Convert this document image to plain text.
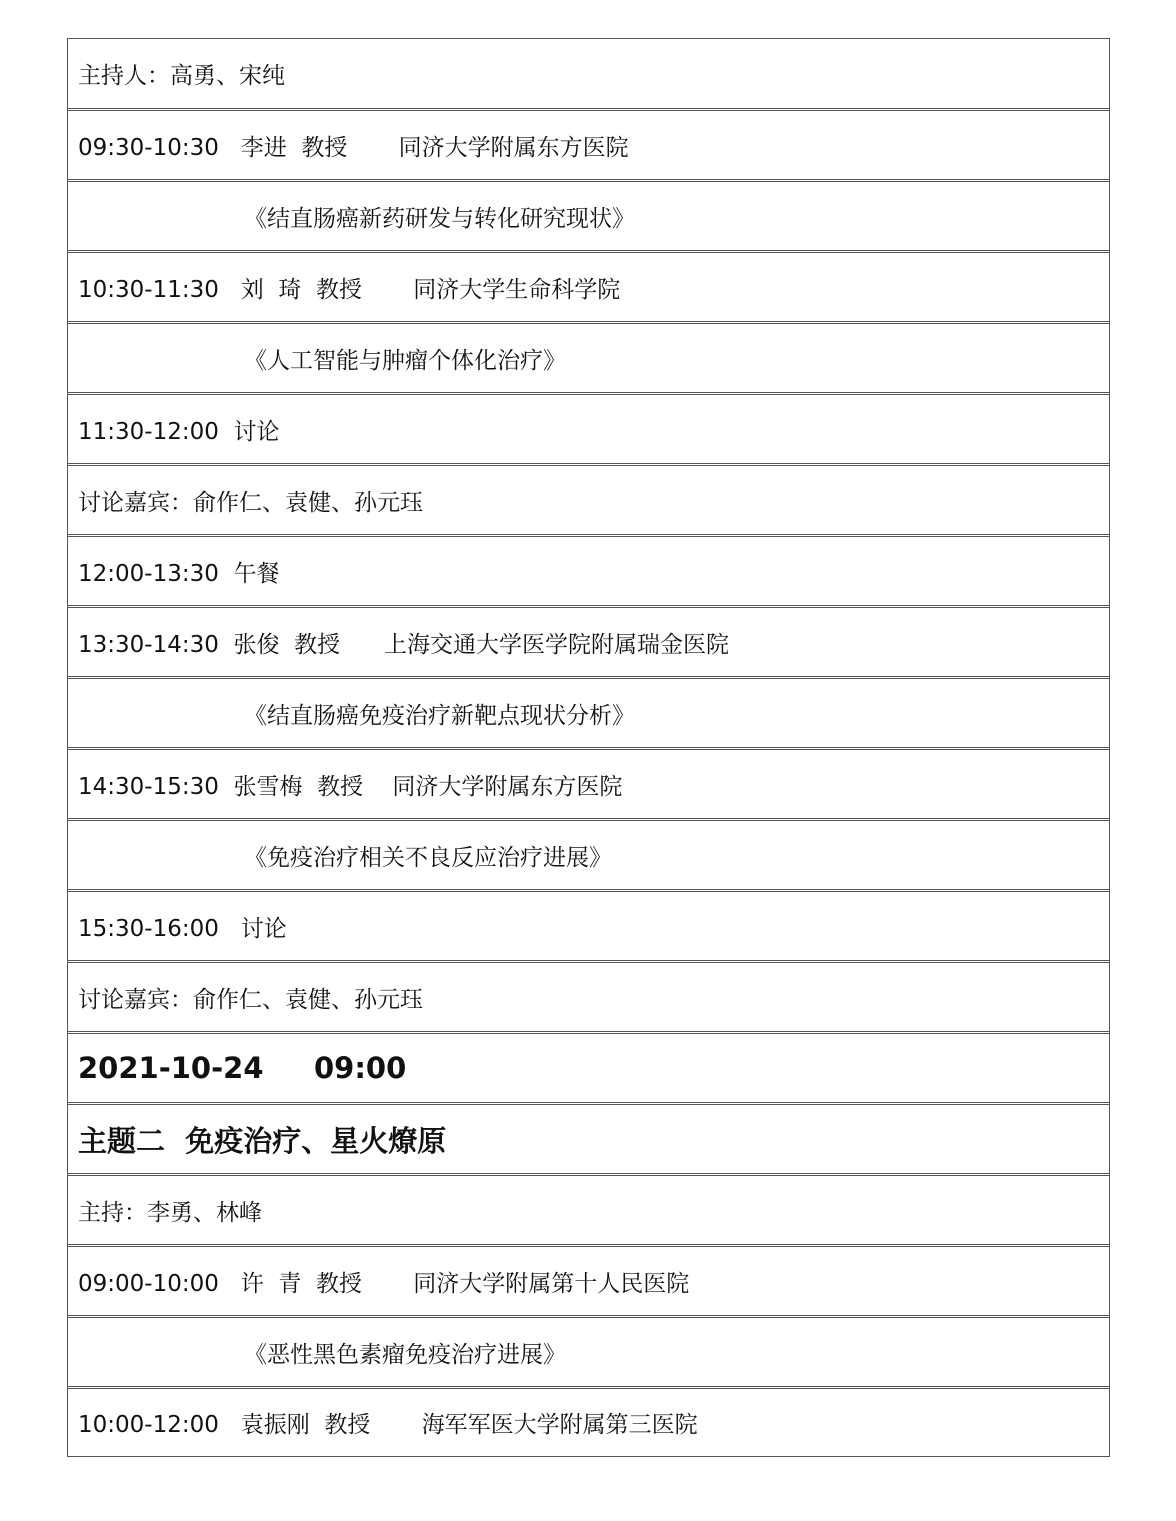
主持人：高勇、宋纯
09:30-10:30   李进  教授       同济大学附属东方医院
《结直肠癌新药研发与转化研究现状》
10:30-11:30   刘  琦  教授       同济大学生命科学院
《人工智能与肿瘤个体化治疗》
11:30-12:00  讨论
讨论嘉宾：俞作仁、袁健、孙元珏
12:00-13:30  午餐
13:30-14:30  张俊  教授      上海交通大学医学院附属瑞金医院
《结直肠癌免疫治疗新靶点现状分析》
14:30-15:30  张雪梅  教授    同济大学附属东方医院
《免疫治疗相关不良反应治疗进展》
15:30-16:00   讨论
讨论嘉宾：俞作仁、袁健、孙元珏
2021-10-24     09:00
主题二  免疫治疗、星火燎原
主持：李勇、林峰
09:00-10:00   许  青  教授       同济大学附属第十人民医院
《恶性黑色素瘤免疫治疗进展》
10:00-12:00   袁振刚  教授       海军军医大学附属第三医院
